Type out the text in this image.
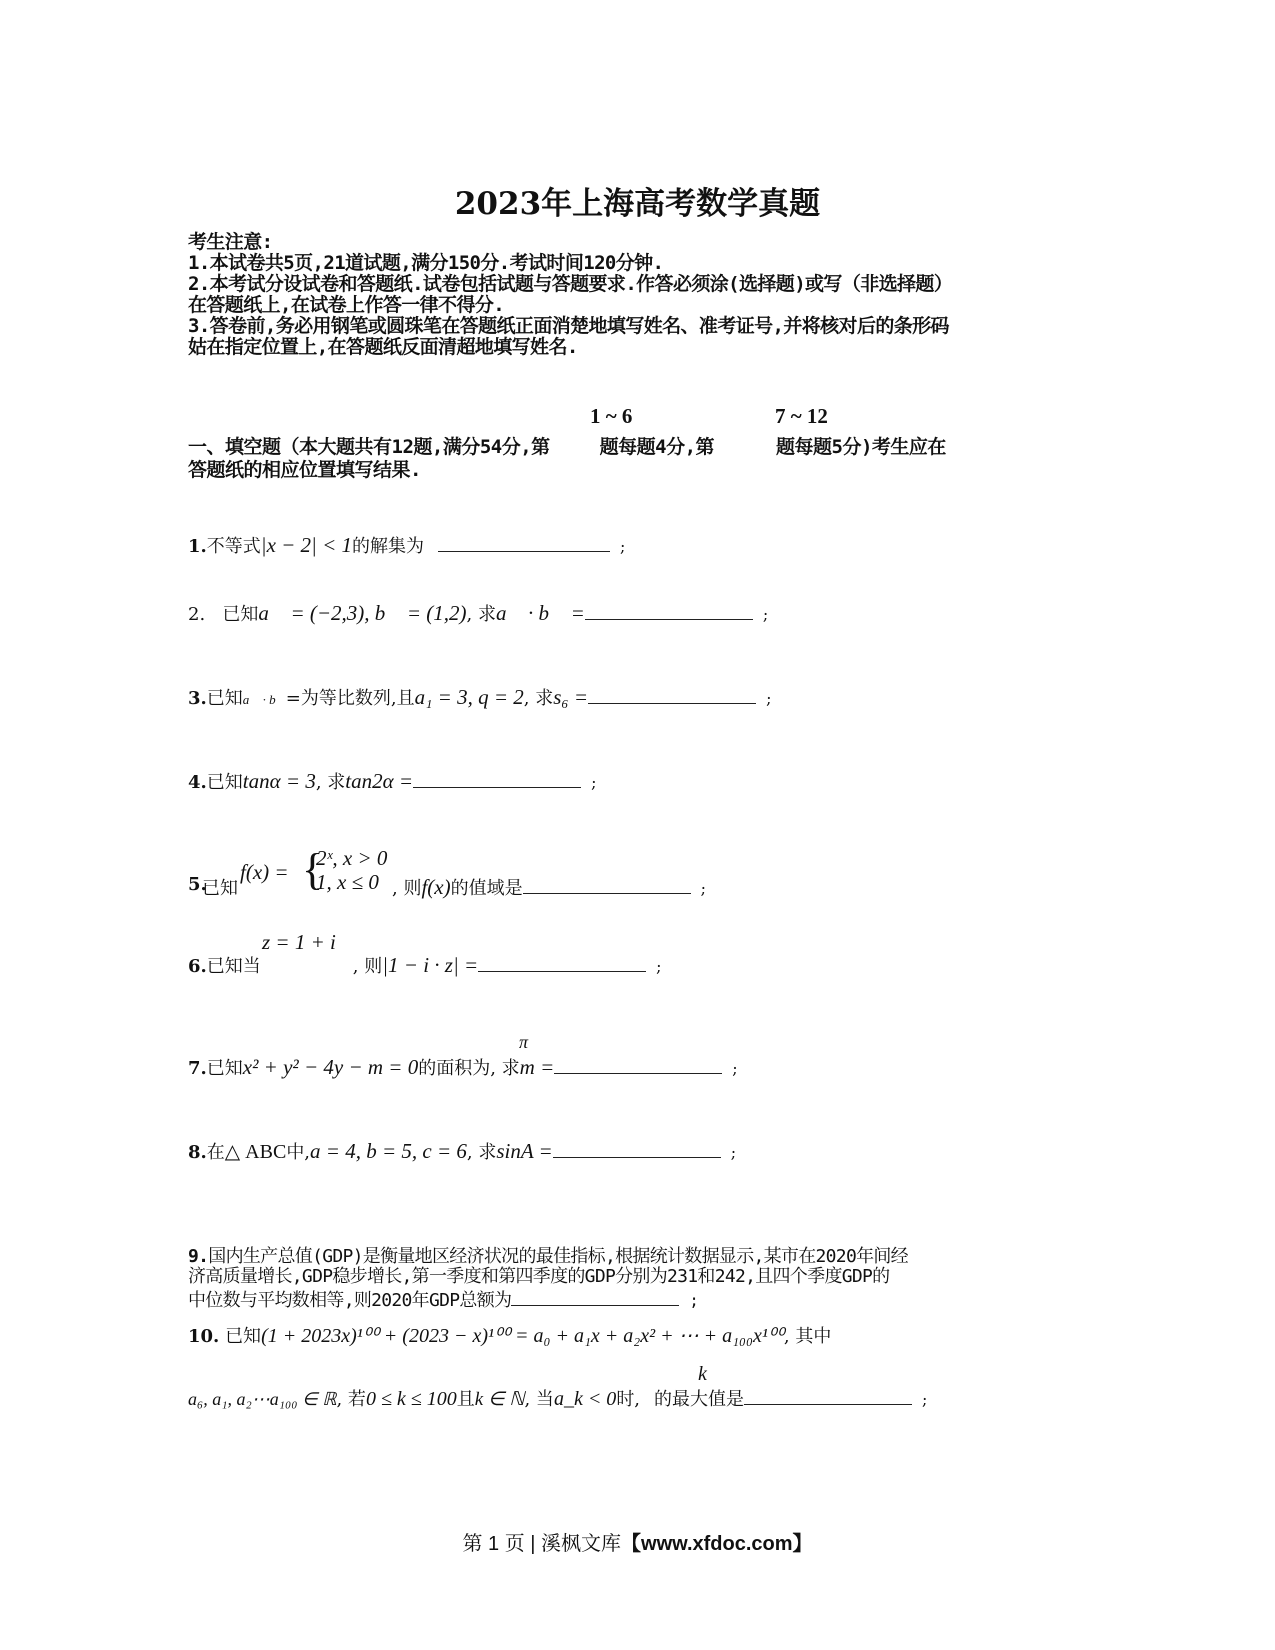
2023年上海高考数学真题
考生注意:
1.本试卷共5页,21道试题,满分150分.考试时间120分钟.
2.本考试分设试卷和答题纸.试卷包括试题与答题要求.作答必须涂(选择题)或写（非选择题）
在答题纸上,在试卷上作答一律不得分.
3.答卷前,务必用钢笔或圆珠笔在答题纸正面消楚地填写姓名、准考证号,并将核对后的条形码
姑在指定位置上,在答题纸反面清超地填写姓名.
1 ~ 6	7 ~ 12
一、填空题（本大题共有12题,满分54分,第	题每题4分,第	题每题5分)考生应在
答题纸的相应位置填写结果.
1.不等式|x − 2| < 1的解集为	;
2. 已知a⃗ = (−2,3), b⃗ = (1,2), 求a⃗ · b⃗ =	;
3.已知a⃗ · b⃗=为等比数列,且a₁ = 3, q = 2, 求s₆ =	;
4.已知tanα = 3, 求tan2α =	;
5.
已知
f(x) = {
2ˣ, x > 0
1, x ≤ 0 , 则f(x)的值域是	;
z = 1 + i
6.已知当	, 则|1 − i · z| =	;
π
7.已知x² + y² − 4y − m = 0的面积为, 求m =	;
8.在△ ABC中,a = 4, b = 5, c = 6, 求sinA =	;
9.国内生产总值(GDP)是衡量地区经济状况的最佳指标,根据统计数据显示,某市在2020年间经
济高质量增长,GDP稳步增长,第一季度和第四季度的GDP分别为231和242,且四个季度GDP的
中位数与平均数相等,则2020年GDP总额为	;
10. 已知(1 + 2023x)¹⁰⁰ + (2023 − x)¹⁰⁰ = a₀ + a₁x + a₂x² + ⋯ + a₁₀₀x¹⁰⁰, 其中
k
a₆, a₁, a₂⋯a₁₀₀ ∈ ℝ, 若0 ≤ k ≤ 100且k ∈ ℕ, 当a_k < 0时, 的最大值是	;
第 1 页 | 溪枫文库【www.xfdoc.com】
